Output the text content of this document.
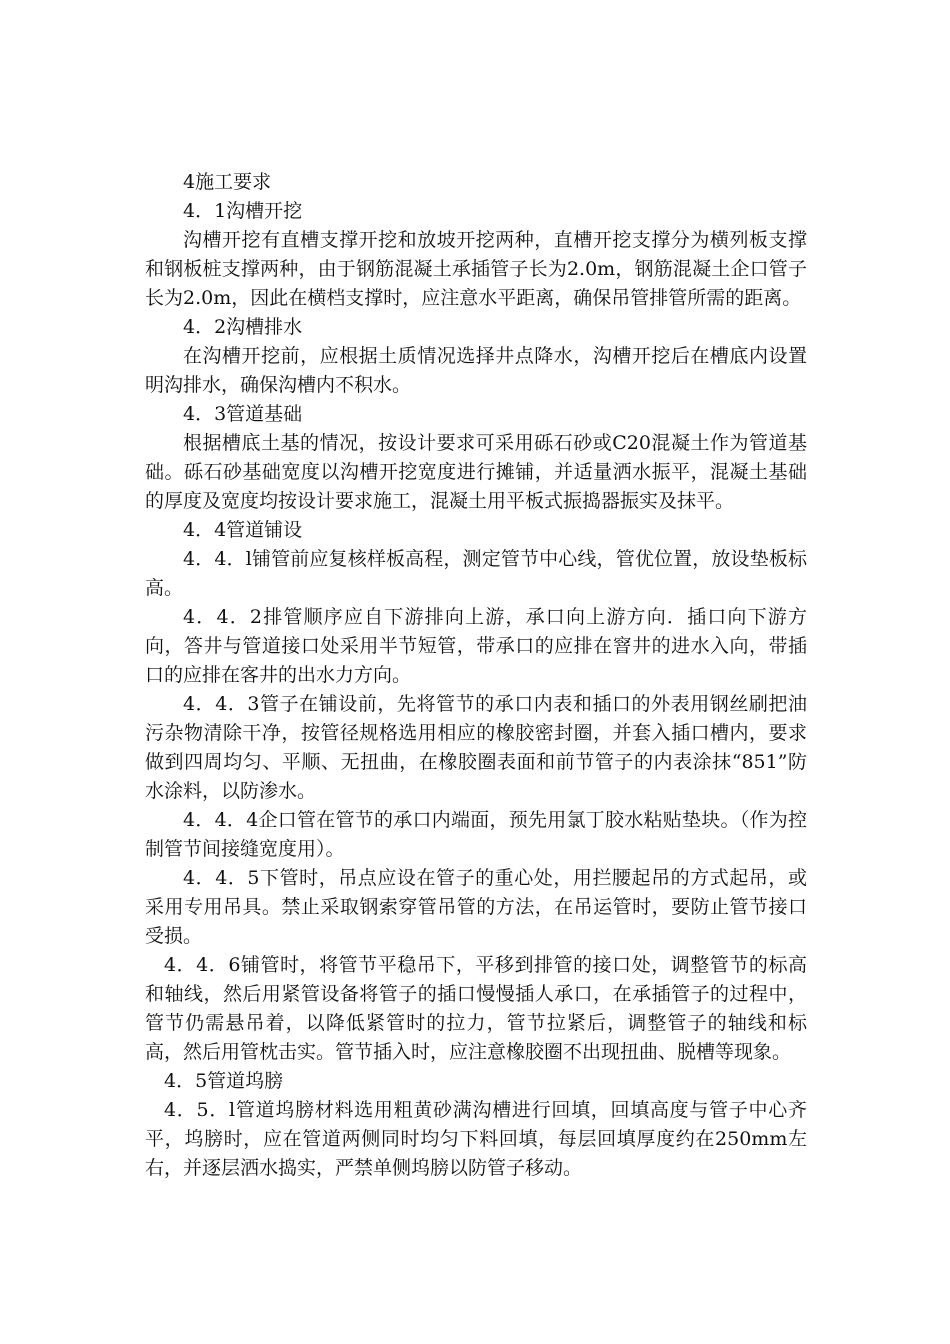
4施工要求

4．1沟槽开挖

沟槽开挖有直槽支撑开挖和放坡开挖两种，直槽开挖支撑分为横列板支撑和钢板桩支撑两种，由于钢筋混凝土承插管子长为2.0m，钢筋混凝土企口管子长为2.0m，因此在横档支撑时，应注意水平距离，确保吊管排管所需的距离。

4．2沟槽排水

在沟槽开挖前，应根据土质情况选择井点降水，沟槽开挖后在槽底内设置明沟排水，确保沟槽内不积水。

4．3管道基础

根据槽底土基的情况，按设计要求可采用砾石砂或C20混凝土作为管道基础。砾石砂基础宽度以沟槽开挖宽度进行摊铺，并适量洒水振平，混凝土基础的厚度及宽度均按设计要求施工，混凝土用平板式振捣器振实及抹平。

4．4管道铺设

4．4．l铺管前应复核样板高程，测定管节中心线，管优位置，放设垫板标高。

4．4．2排管顺序应自下游排向上游，承口向上游方向．插口向下游方向，答井与管道接口处采用半节短管，带承口的应排在窨井的进水入向，带插口的应排在客井的出水力方向。

4．4．3管子在铺设前，先将管节的承口内表和插口的外表用钢丝刷把油污杂物清除干净，按管径规格选用相应的橡胶密封圈，并套入插口槽内，要求做到四周均匀、平顺、无扭曲，在橡胶圈表面和前节管子的内表涂抹“851”防水涂料，以防渗水。

4．4．4企口管在管节的承口内端面，预先用氯丁胶水粘贴垫块。（作为控制管节间接缝宽度用）。

4．4．5下管时，吊点应设在管子的重心处，用拦腰起吊的方式起吊，或采用专用吊具。禁止采取钢索穿管吊管的方法，在吊运管时，要防止管节接口受损。

4．4．6铺管时，将管节平稳吊下，平移到排管的接口处，调整管节的标高和轴线，然后用紧管设备将管子的插口慢慢插人承口，在承插管子的过程中，管节仍需悬吊着，以降低紧管时的拉力，管节拉紧后，调整管子的轴线和标高，然后用管枕击实。管节插入时，应注意橡胶圈不出现扭曲、脱槽等现象。

4．5管道坞膀

4．5．l管道坞膀材料选用粗黄砂满沟槽进行回填，回填高度与管子中心齐平，坞膀时，应在管道两侧同时均匀下料回填，每层回填厚度约在250mm左右，并逐层洒水捣实，严禁单侧坞膀以防管子移动。
